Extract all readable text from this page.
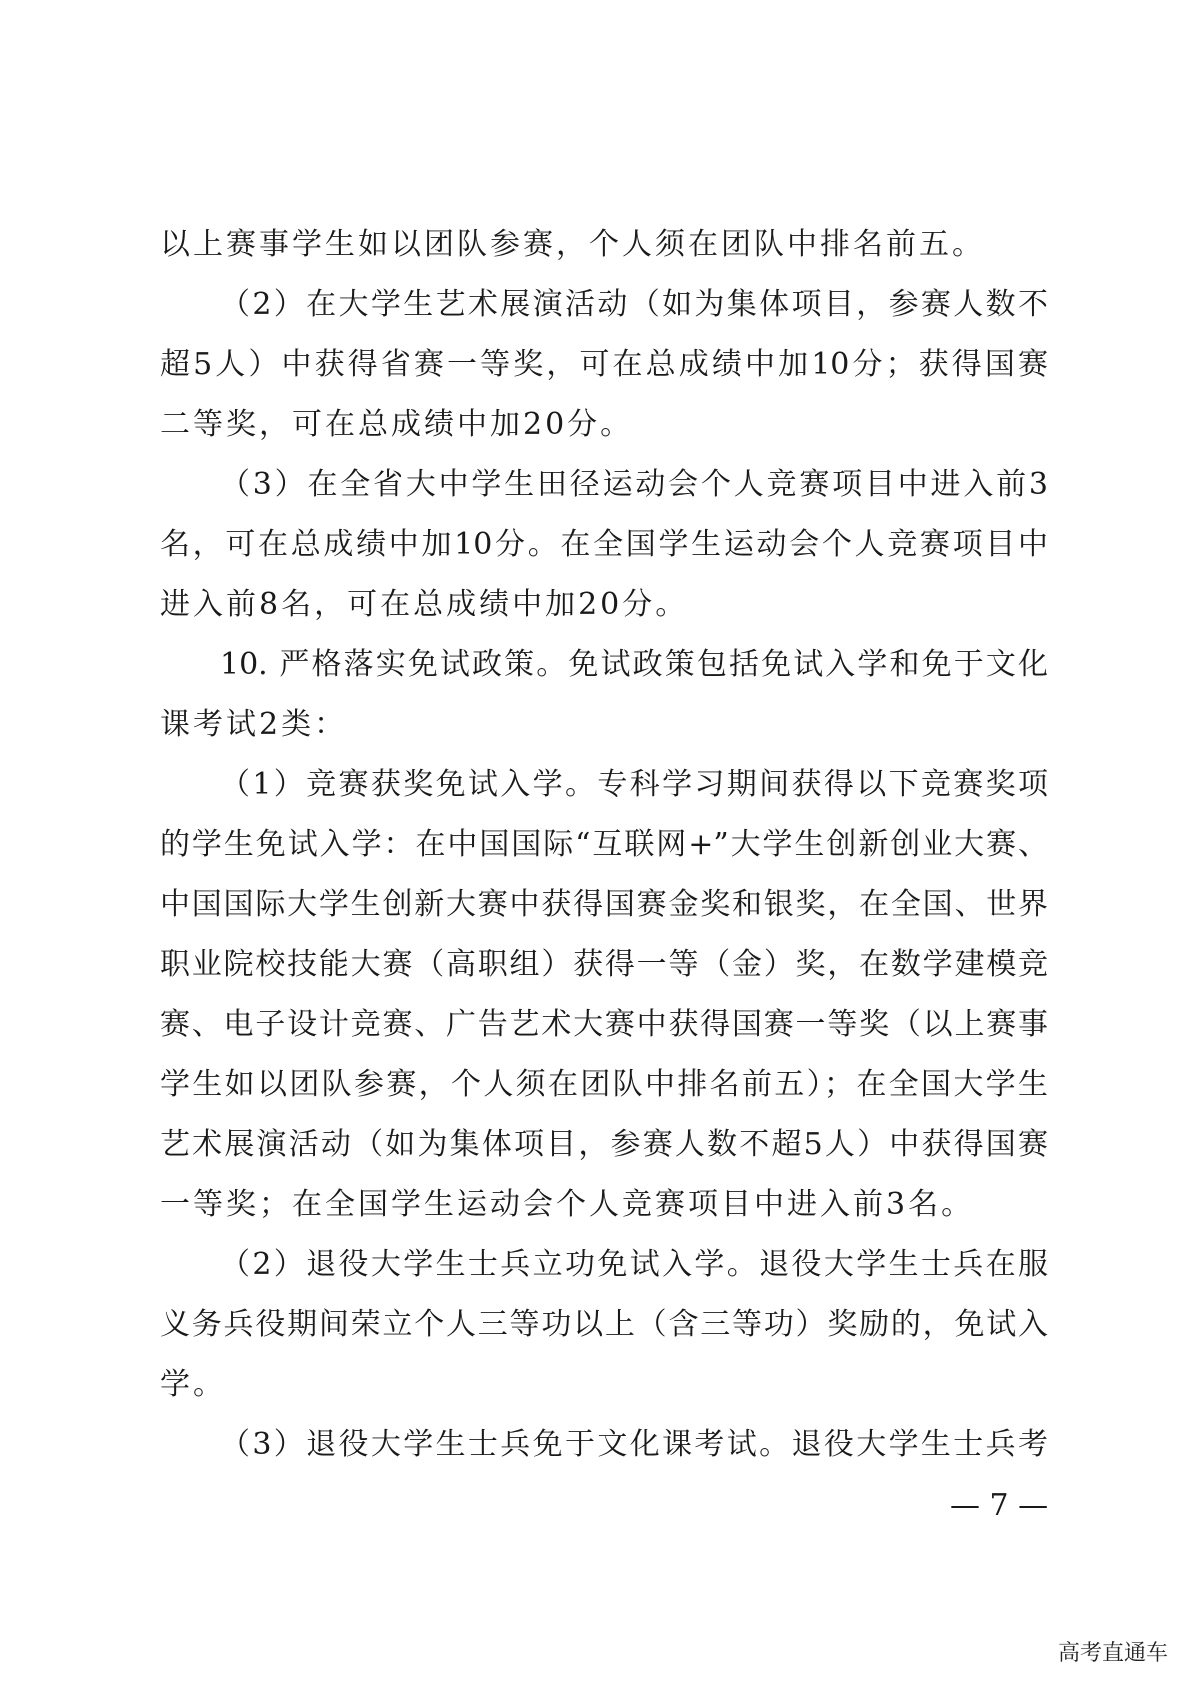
以上赛事学生如以团队参赛，个人须在团队中排名前五。
（2）在大学生艺术展演活动（如为集体项目，参赛人数不
超5人）中获得省赛一等奖，可在总成绩中加10分；获得国赛
二等奖，可在总成绩中加20分。
（3）在全省大中学生田径运动会个人竞赛项目中进入前3
名，可在总成绩中加10分。在全国学生运动会个人竞赛项目中
进入前8名，可在总成绩中加20分。
10. 严格落实免试政策。免试政策包括免试入学和免于文化
课考试2类：
（1）竞赛获奖免试入学。专科学习期间获得以下竞赛奖项
的学生免试入学：在中国国际“互联网+”大学生创新创业大赛、
中国国际大学生创新大赛中获得国赛金奖和银奖，在全国、世界
职业院校技能大赛（高职组）获得一等（金）奖，在数学建模竞
赛、电子设计竞赛、广告艺术大赛中获得国赛一等奖（以上赛事
学生如以团队参赛，个人须在团队中排名前五）；在全国大学生
艺术展演活动（如为集体项目，参赛人数不超5人）中获得国赛
一等奖；在全国学生运动会个人竞赛项目中进入前3名。
（2）退役大学生士兵立功免试入学。退役大学生士兵在服
义务兵役期间荣立个人三等功以上（含三等功）奖励的，免试入
学。
（3）退役大学生士兵免于文化课考试。退役大学生士兵考
— 7 —
高考直通车
